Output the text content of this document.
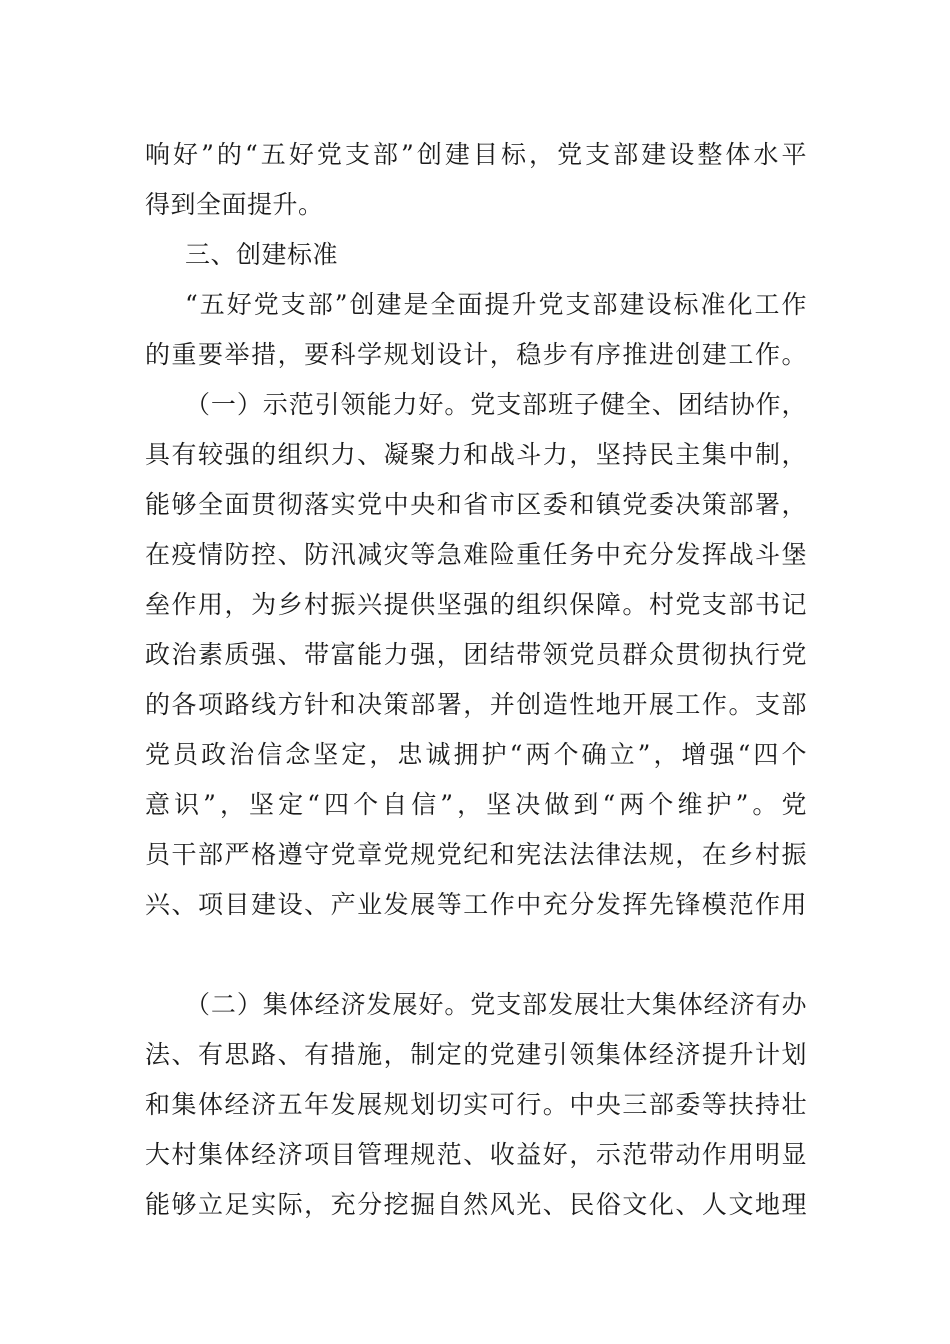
响好”的“五好党支部”创建目标，党支部建设整体水平
得到全面提升。
三、创建标准
“五好党支部”创建是全面提升党支部建设标准化工作
的重要举措，要科学规划设计，稳步有序推进创建工作。
（一）示范引领能力好。党支部班子健全、团结协作，
具有较强的组织力、凝聚力和战斗力，坚持民主集中制，
能够全面贯彻落实党中央和省市区委和镇党委决策部署，
在疫情防控、防汛减灾等急难险重任务中充分发挥战斗堡
垒作用，为乡村振兴提供坚强的组织保障。村党支部书记
政治素质强、带富能力强，团结带领党员群众贯彻执行党
的各项路线方针和决策部署，并创造性地开展工作。支部
党员政治信念坚定，忠诚拥护“两个确立”，增强“四个
意识”，坚定“四个自信”，坚决做到“两个维护”。党
员干部严格遵守党章党规党纪和宪法法律法规，在乡村振
兴、项目建设、产业发展等工作中充分发挥先锋模范作用
（二）集体经济发展好。党支部发展壮大集体经济有办
法、有思路、有措施，制定的党建引领集体经济提升计划
和集体经济五年发展规划切实可行。中央三部委等扶持壮
大村集体经济项目管理规范、收益好，示范带动作用明显
能够立足实际，充分挖掘自然风光、民俗文化、人文地理
